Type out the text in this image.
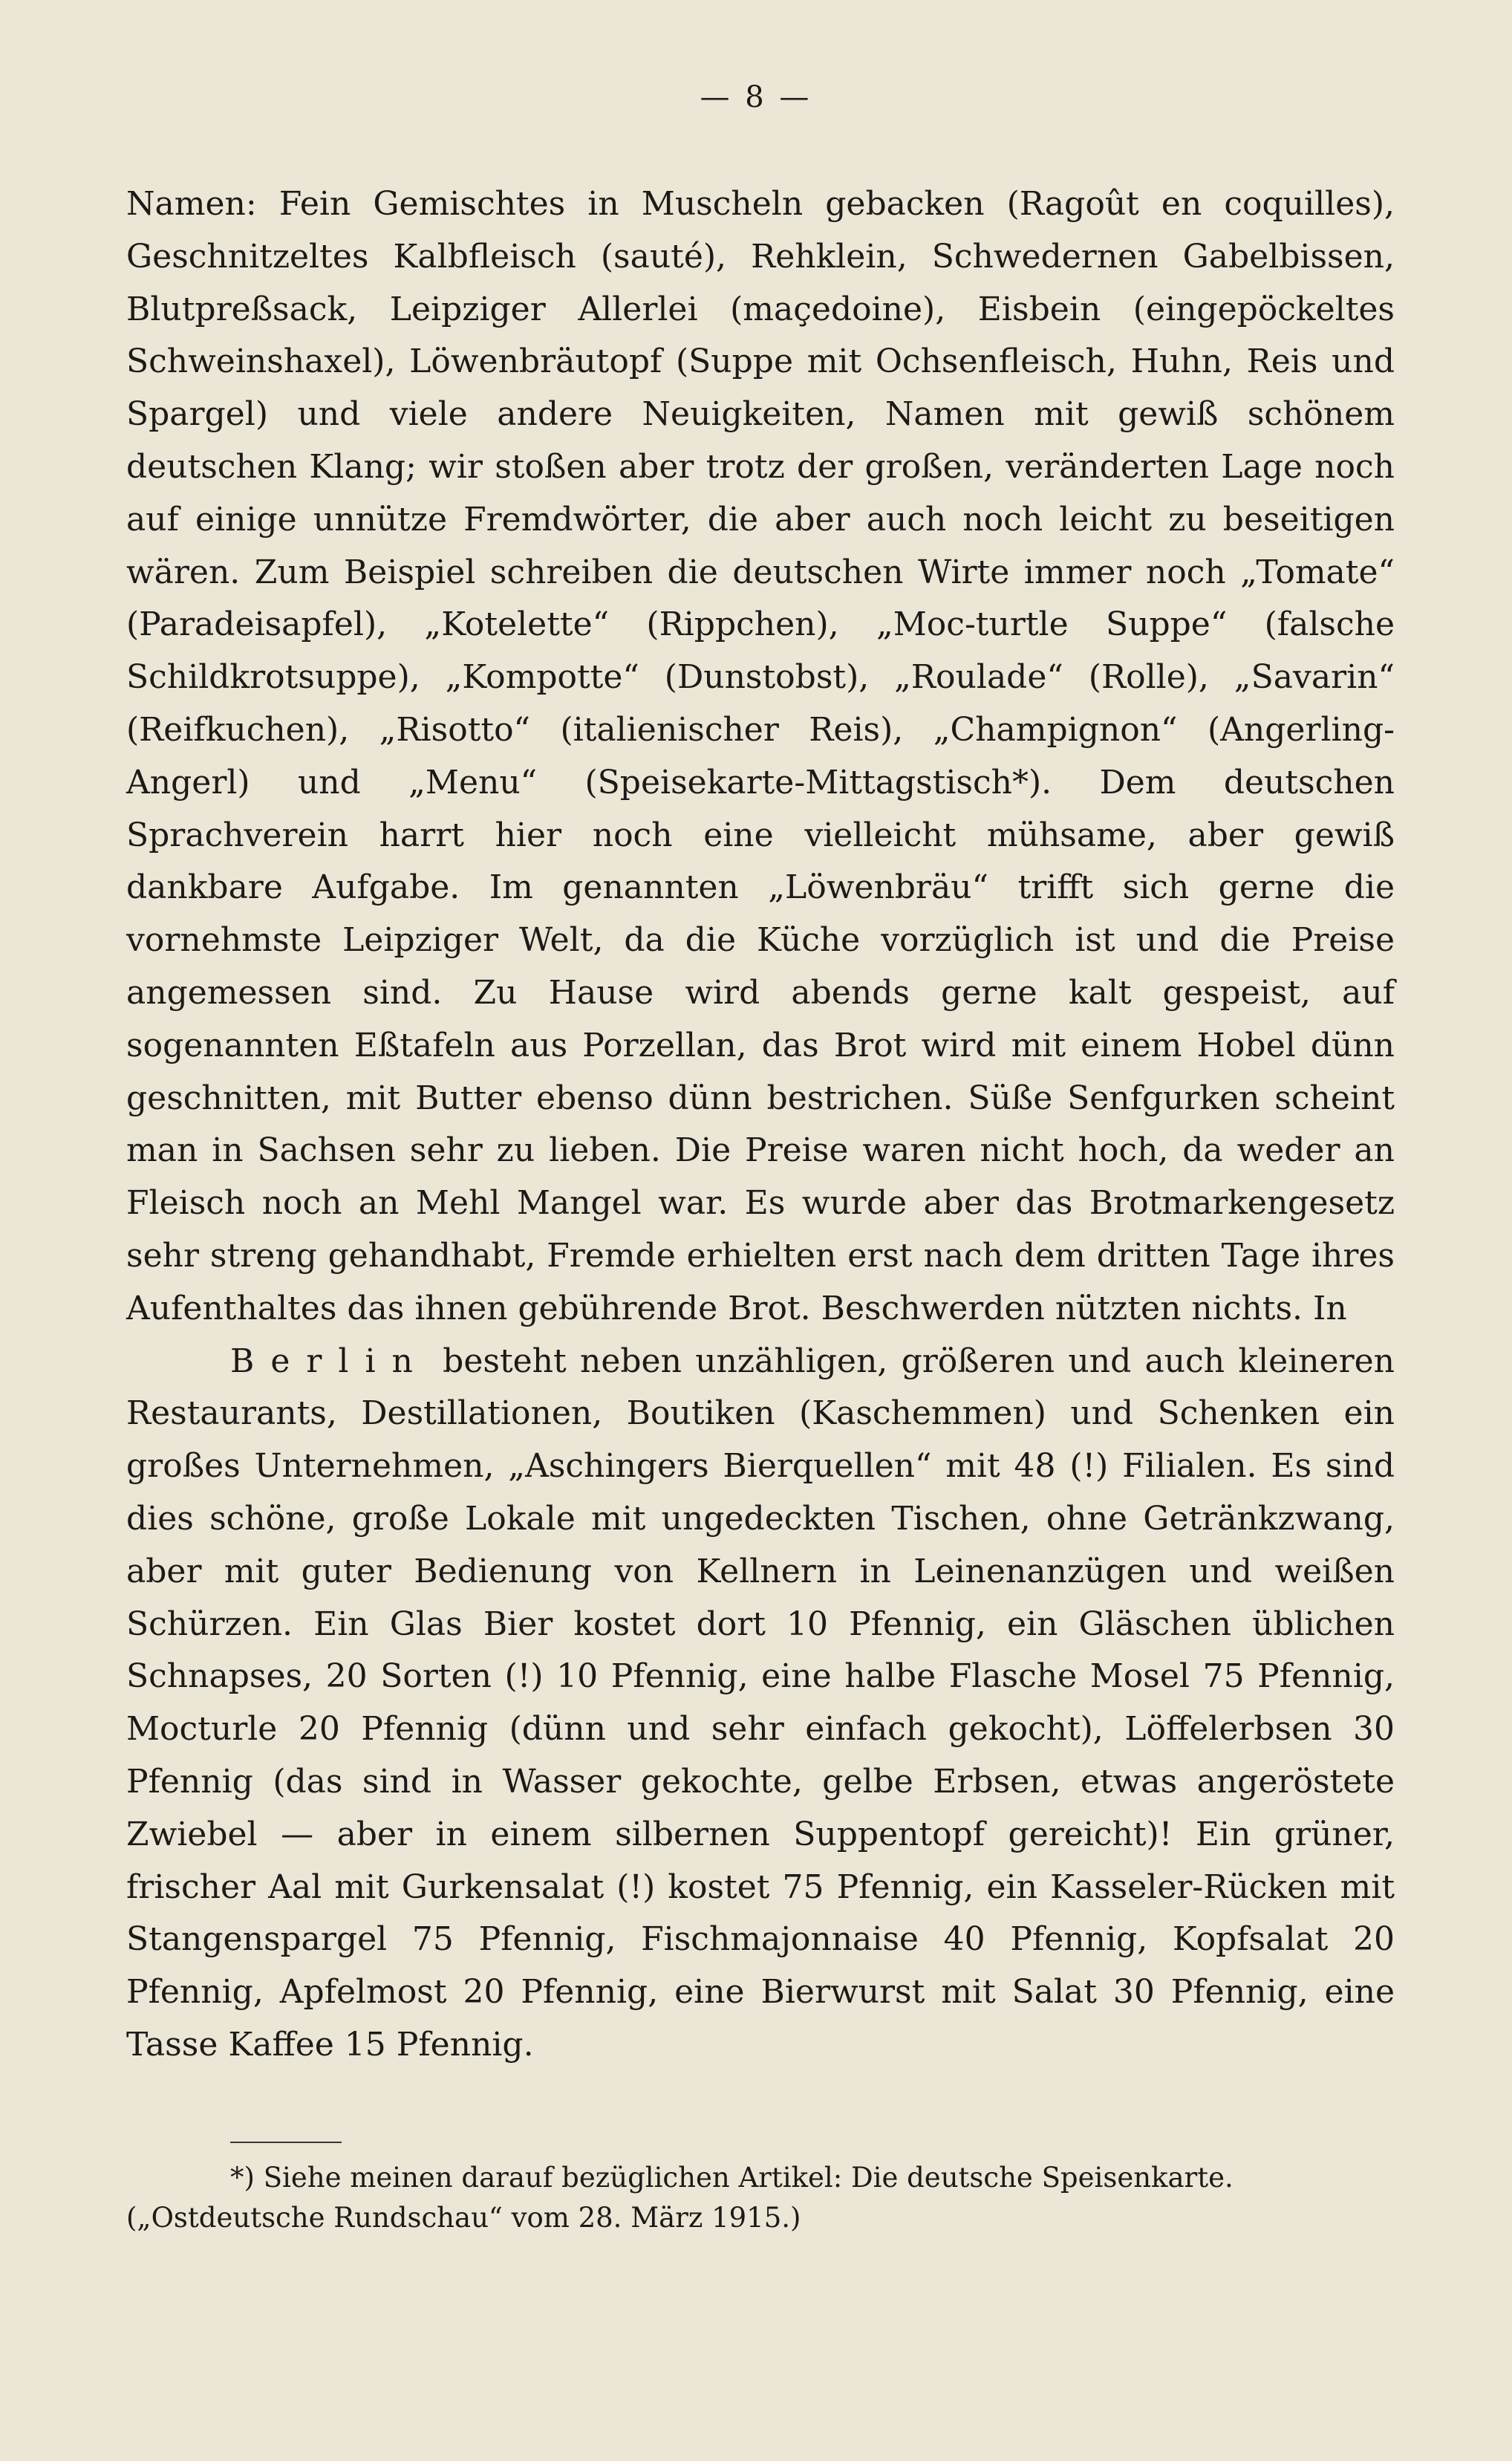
— 8 —

Namen: Fein Gemischtes in Muscheln gebacken (Ragoût en coquilles), Geschnitzeltes Kalbfleisch (sauté), Rehklein, Schwedernen Gabelbissen, Blutpreßsack, Leipziger Allerlei (maçedoine), Eisbein (eingepöckeltes Schweinshaxel), Löwenbräutopf (Suppe mit Ochsenfleisch, Huhn, Reis und Spargel) und viele andere Neuigkeiten, Namen mit gewiß schönem deutschen Klang; wir stoßen aber trotz der großen, veränderten Lage noch auf einige unnütze Fremdwörter, die aber auch noch leicht zu beseitigen wären. Zum Beispiel schreiben die deutschen Wirte immer noch „Tomate“ (Paradeisapfel), „Kotelette“ (Rippchen), „Moc-turtle Suppe“ (falsche Schildkrotsuppe), „Kompotte“ (Dunstobst), „Roulade“ (Rolle), „Savarin“ (Reifkuchen), „Risotto“ (italienischer Reis), „Champignon“ (Angerling-Angerl) und „Menu“ (Speisekarte-Mittagstisch*). Dem deutschen Sprachverein harrt hier noch eine vielleicht mühsame, aber gewiß dankbare Aufgabe. Im genannten „Löwenbräu“ trifft sich gerne die vornehmste Leipziger Welt, da die Küche vorzüglich ist und die Preise angemessen sind. Zu Hause wird abends gerne kalt gespeist, auf sogenannten Eßtafeln aus Porzellan, das Brot wird mit einem Hobel dünn geschnitten, mit Butter ebenso dünn bestrichen. Süße Senfgurken scheint man in Sachsen sehr zu lieben. Die Preise waren nicht hoch, da weder an Fleisch noch an Mehl Mangel war. Es wurde aber das Brotmarkengesetz sehr streng gehandhabt, Fremde erhielten erst nach dem dritten Tage ihres Aufenthaltes das ihnen gebührende Brot. Beschwerden nützten nichts. In

Berlin besteht neben unzähligen, größeren und auch kleineren Restaurants, Destillationen, Boutiken (Kaschemmen) und Schenken ein großes Unternehmen, „Aschingers Bierquellen“ mit 48 (!) Filialen. Es sind dies schöne, große Lokale mit ungedeckten Tischen, ohne Getränkzwang, aber mit guter Bedienung von Kellnern in Leinenanzügen und weißen Schürzen. Ein Glas Bier kostet dort 10 Pfennig, ein Gläschen üblichen Schnapses, 20 Sorten (!) 10 Pfennig, eine halbe Flasche Mosel 75 Pfennig, Mocturle 20 Pfennig (dünn und sehr einfach gekocht), Löffelerbsen 30 Pfennig (das sind in Wasser gekochte, gelbe Erbsen, etwas angeröstete Zwiebel — aber in einem silbernen Suppentopf gereicht)! Ein grüner, frischer Aal mit Gurkensalat (!) kostet 75 Pfennig, ein Kasseler-Rücken mit Stangenspargel 75 Pfennig, Fischmajonnaise 40 Pfennig, Kopfsalat 20 Pfennig, Apfelmost 20 Pfennig, eine Bierwurst mit Salat 30 Pfennig, eine Tasse Kaffee 15 Pfennig.

*) Siehe meinen darauf bezüglichen Artikel: Die deutsche Speisenkarte.

(„Ostdeutsche Rundschau“ vom 28. März 1915.)
